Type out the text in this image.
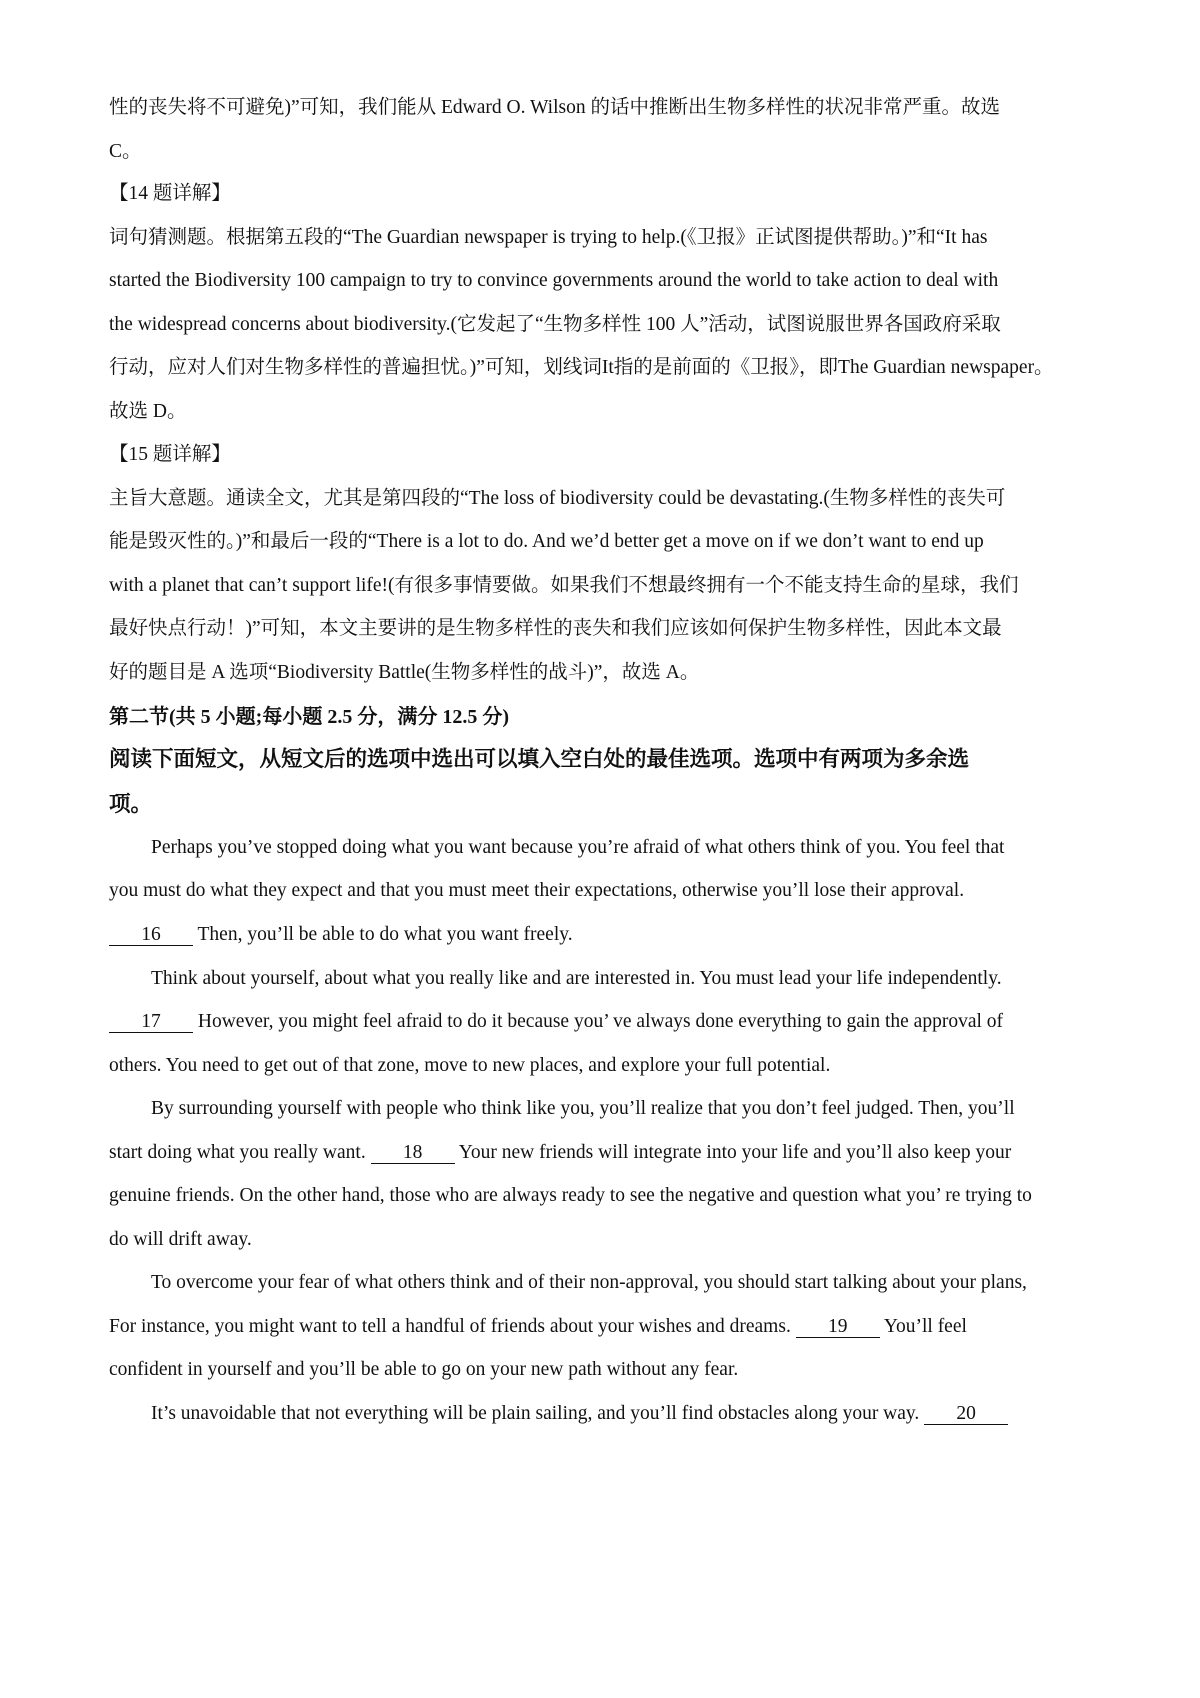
性的丧失将不可避免)”可知，我们能从 Edward O. Wilson 的话中推断出生物多样性的状况非常严重。故选
C。
【14 题详解】
词句猜测题。根据第五段的“The Guardian newspaper is trying to help.(《卫报》正试图提供帮助。)”和“It has
started the Biodiversity 100 campaign to try to convince governments around the world to take action to deal with
the widespread concerns about biodiversity.(它发起了“生物多样性 100 人”活动，试图说服世界各国政府采取
行动，应对人们对生物多样性的普遍担忧。)”可知，划线词It指的是前面的《卫报》，即The Guardian newspaper。
故选 D。
【15 题详解】
主旨大意题。通读全文，尤其是第四段的“The loss of biodiversity could be devastating.(生物多样性的丧失可
能是毁灭性的。)”和最后一段的“There is a lot to do. And we’d better get a move on if we don’t want to end up
with a planet that can’t support life!(有很多事情要做。如果我们不想最终拥有一个不能支持生命的星球，我们
最好快点行动！)”可知，本文主要讲的是生物多样性的丧失和我们应该如何保护生物多样性，因此本文最
好的题目是 A 选项“Biodiversity Battle(生物多样性的战斗)”，故选 A。
第二节(共 5 小题;每小题 2.5 分，满分 12.5 分)
阅读下面短文，从短文后的选项中选出可以填入空白处的最佳选项。选项中有两项为多余选
项。
Perhaps you’ve stopped doing what you want because you’re afraid of what others think of you. You feel that
you must do what they expect and that you must meet their expectations, otherwise you’ll lose their approval.
16 Then, you’ll be able to do what you want freely.
Think about yourself, about what you really like and are interested in. You must lead your life independently.
17 However, you might feel afraid to do it because you’ ve always done everything to gain the approval of
others. You need to get out of that zone, move to new places, and explore your full potential.
By surrounding yourself with people who think like you, you’ll realize that you don’t feel judged. Then, you’ll
start doing what you really want. 18 Your new friends will integrate into your life and you’ll also keep your
genuine friends. On the other hand, those who are always ready to see the negative and question what you’ re trying to
do will drift away.
To overcome your fear of what others think and of their non-approval, you should start talking about your plans,
For instance, you might want to tell a handful of friends about your wishes and dreams. 19 You’ll feel
confident in yourself and you’ll be able to go on your new path without any fear.
It’s unavoidable that not everything will be plain sailing, and you’ll find obstacles along your way. 20
